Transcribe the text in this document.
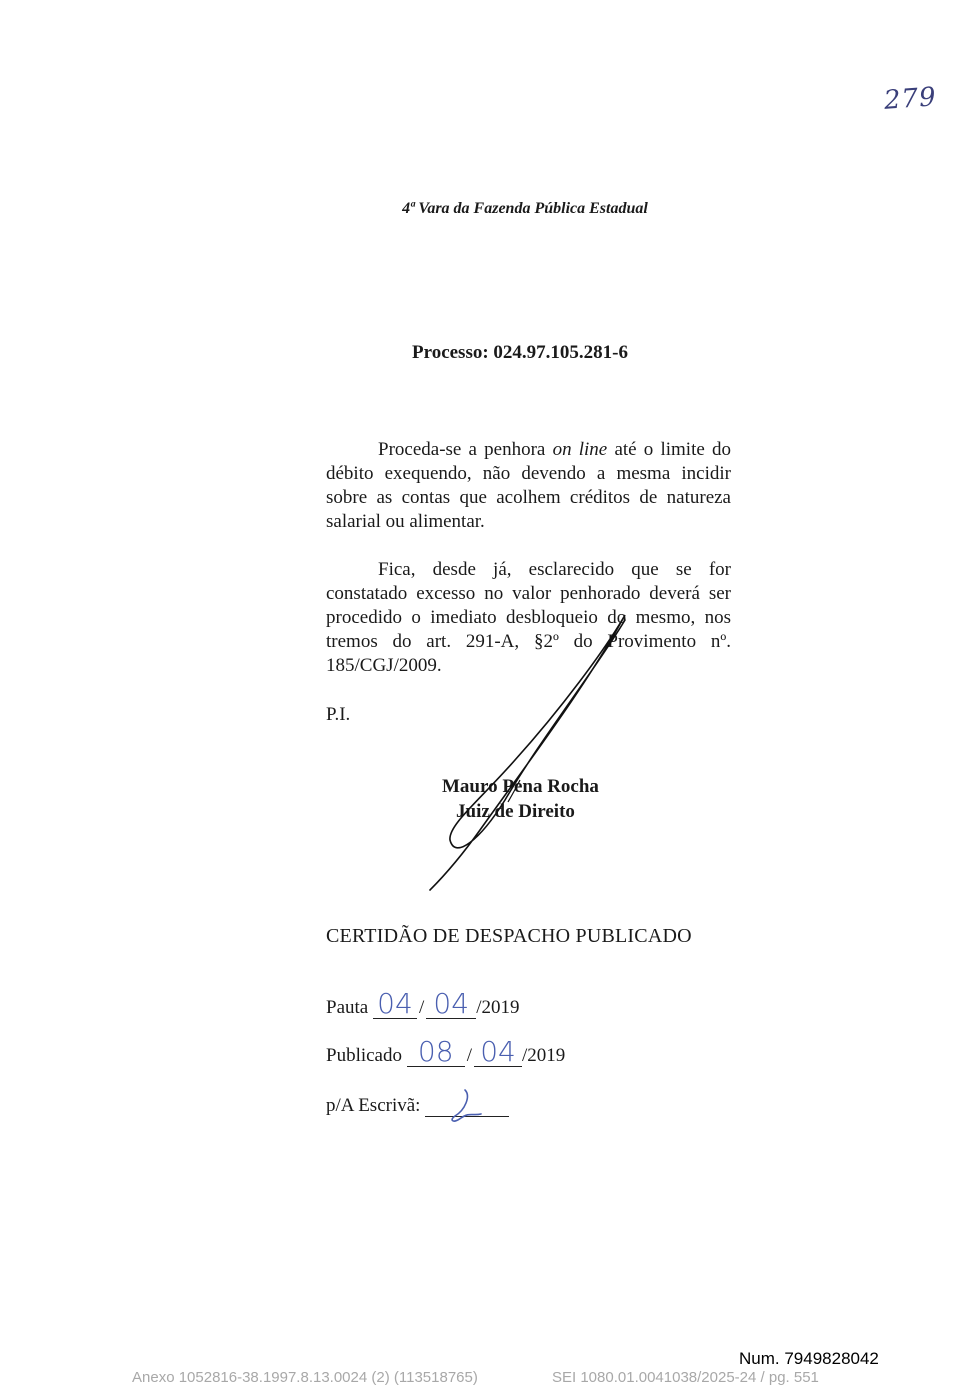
279
4ª Vara da Fazenda Pública Estadual
Processo: 024.97.105.281-6

Proceda-se a penhora on line até o limite do débito exequendo, não devendo a mesma incidir sobre as contas que acolhem créditos de natureza salarial ou alimentar.

Fica, desde já, esclarecido que se for constatado excesso no valor penhorado deverá ser procedido o imediato desbloqueio do mesmo, nos tremos do art. 291-A, §2º do Provimento nº. 185/CGJ/2009.

P.I.
Mauro Pena Rocha
Juiz de Direito
CERTIDÃO DE DESPACHO PUBLICADO
Pauta 04 / 04 /2019
Publicado 08 / 04 /2019
p/A Escrivã:
Num. 7949828042
Anexo 1052816-38.1997.8.13.0024 (2) (113518765)	SEI 1080.01.0041038/2025-24 / pg. 551
